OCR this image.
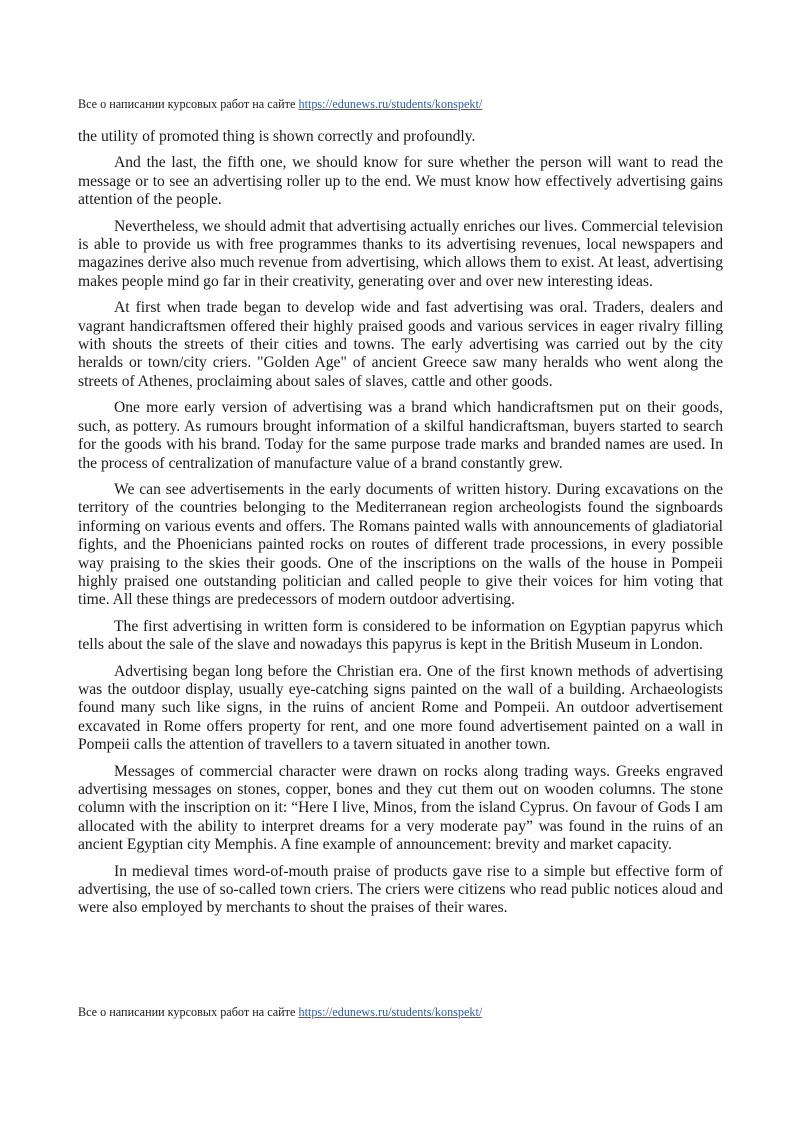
Все о написании курсовых работ на сайте https://edunews.ru/students/konspekt/

the utility of promoted thing is shown correctly and profoundly.

And the last, the fifth one, we should know for sure whether the person will want to read the message or to see an advertising roller up to the end. We must know how effectively advertising gains attention of the people.

Nevertheless, we should admit that advertising actually enriches our lives. Commercial television is able to provide us with free programmes thanks to its advertising revenues, local newspapers and magazines derive also much revenue from advertising, which allows them to exist. At least, advertising makes people mind go far in their creativity, generating over and over new interesting ideas.

At first when trade began to develop wide and fast advertising was oral. Traders, dealers and vagrant handicraftsmen offered their highly praised goods and various services in eager rivalry filling with shouts the streets of their cities and towns. The early advertising was carried out by the city heralds or town/city criers. "Golden Age" of ancient Greece saw many heralds who went along the streets of Athenes, proclaiming about sales of slaves, cattle and other goods.

One more early version of advertising was a brand which handicraftsmen put on their goods, such, as pottery. As rumours brought information of a skilful handicraftsman, buyers started to search for the goods with his brand. Today for the same purpose trade marks and branded names are used. In the process of centralization of manufacture value of a brand constantly grew.

We can see advertisements in the early documents of written history. During excavations on the territory of the countries belonging to the Mediterranean region archeologists found the signboards informing on various events and offers. The Romans painted walls with announcements of gladiatorial fights, and the Phoenicians painted rocks on routes of different trade processions, in every possible way praising to the skies their goods. One of the inscriptions on the walls of the house in Pompeii highly praised one outstanding politician and called people to give their voices for him voting that time. All these things are predecessors of modern outdoor advertising.

The first advertising in written form is considered to be information on Egyptian papyrus which tells about the sale of the slave and nowadays this papyrus is kept in the British Museum in London.

Advertising began long before the Christian era. One of the first known methods of advertising was the outdoor display, usually eye-catching signs painted on the wall of a building. Archaeologists found many such like signs, in the ruins of ancient Rome and Pompeii. An outdoor advertisement excavated in Rome offers property for rent, and one more found advertisement painted on a wall in Pompeii calls the attention of travellers to a tavern situated in another town.

Messages of commercial character were drawn on rocks along trading ways. Greeks engraved advertising messages on stones, copper, bones and they cut them out on wooden columns. The stone column with the inscription on it: “Here I live, Minos, from the island Cyprus. On favour of Gods I am allocated with the ability to interpret dreams for a very moderate pay” was found in the ruins of an ancient Egyptian city Memphis. A fine example of announcement: brevity and market capacity.

In medieval times word-of-mouth praise of products gave rise to a simple but effective form of advertising, the use of so-called town criers. The criers were citizens who read public notices aloud and were also employed by merchants to shout the praises of their wares.

Все о написании курсовых работ на сайте https://edunews.ru/students/konspekt/
